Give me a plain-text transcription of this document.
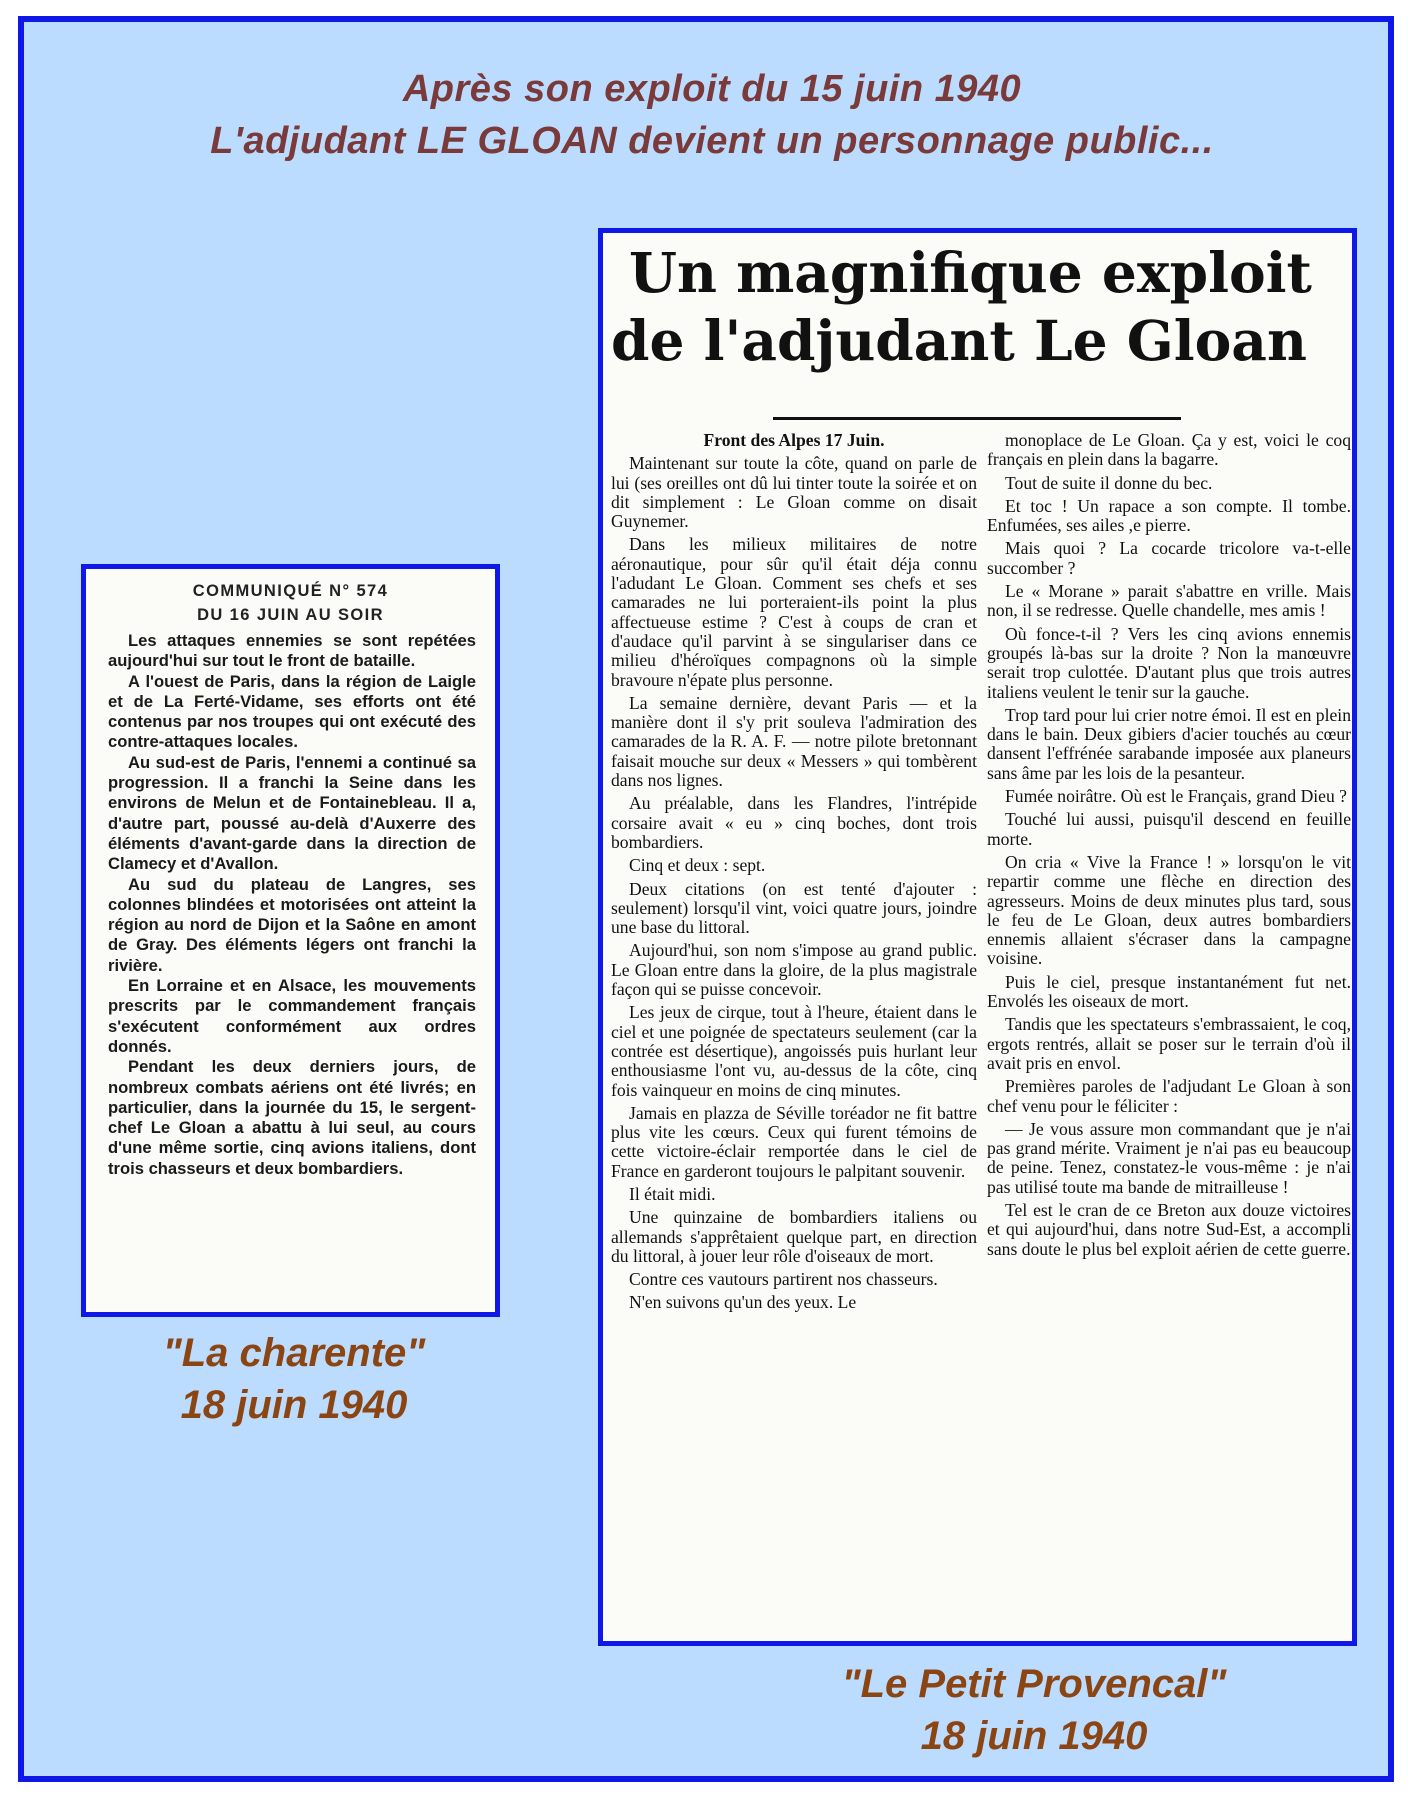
Après son exploit du 15 juin 1940
L'adjudant LE GLOAN devient un personnage public...
COMMUNIQUÉ N° 574
DU 16 JUIN AU SOIR

Les attaques ennemies se sont repétées aujourd'hui sur tout le front de bataille.

A l'ouest de Paris, dans la région de Laigle et de La Ferté-Vidame, ses efforts ont été contenus par nos troupes qui ont exécuté des contre-attaques locales.

Au sud-est de Paris, l'ennemi a continué sa progression. Il a franchi la Seine dans les environs de Melun et de Fontainebleau. Il a, d'autre part, poussé au-delà d'Auxerre des éléments d'avant-garde dans la direction de Clamecy et d'Avallon.

Au sud du plateau de Langres, ses colonnes blindées et motorisées ont atteint la région au nord de Dijon et la Saône en amont de Gray. Des éléments légers ont franchi la rivière.

En Lorraine et en Alsace, les mouvements prescrits par le commandement français s'exécutent conformément aux ordres donnés.

Pendant les deux derniers jours, de nombreux combats aériens ont été livrés; en particulier, dans la journée du 15, le sergent-chef Le Gloan a abattu à lui seul, au cours d'une même sortie, cinq avions italiens, dont trois chasseurs et deux bombardiers.

"La charente"
18 juin 1940
Un magnifique exploit
de l'adjudant Le Gloan

Front des Alpes 17 Juin.

Maintenant sur toute la côte, quand on parle de lui (ses oreilles ont dû lui tinter toute la soirée et on dit simplement : Le Gloan comme on disait Guynemer.

Dans les milieux militaires de notre aéronautique, pour sûr qu'il était déja connu l'adudant Le Gloan. Comment ses chefs et ses camarades ne lui porteraient-ils point la plus affectueuse estime ? C'est à coups de cran et d'audace qu'il parvint à se singulariser dans ce milieu d'héroïques compagnons où la simple bravoure n'épate plus personne.

La semaine dernière, devant Paris — et la manière dont il s'y prit souleva l'admiration des camarades de la R. A. F. — notre pilote bretonnant faisait mouche sur deux « Messers » qui tombèrent dans nos lignes.

Au préalable, dans les Flandres, l'intrépide corsaire avait « eu » cinq boches, dont trois bombardiers.

Cinq et deux : sept.

Deux citations (on est tenté d'ajouter : seulement) lorsqu'il vint, voici quatre jours, joindre une base du littoral.

Aujourd'hui, son nom s'impose au grand public. Le Gloan entre dans la gloire, de la plus magistrale façon qui se puisse concevoir.

Les jeux de cirque, tout à l'heure, étaient dans le ciel et une poignée de spectateurs seulement (car la contrée est désertique), angoissés puis hurlant leur enthousiasme l'ont vu, au-dessus de la côte, cinq fois vainqueur en moins de cinq minutes.

Jamais en plazza de Séville toréador ne fit battre plus vite les cœurs. Ceux qui furent témoins de cette victoire-éclair remportée dans le ciel de France en garderont toujours le palpitant souvenir.

Il était midi.

Une quinzaine de bombardiers italiens ou allemands s'apprêtaient quelque part, en direction du littoral, à jouer leur rôle d'oiseaux de mort.

Contre ces vautours partirent nos chasseurs.

N'en suivons qu'un des yeux. Le

monoplace de Le Gloan. Ça y est, voici le coq français en plein dans la bagarre.

Tout de suite il donne du bec.

Et toc ! Un rapace a son compte. Il tombe. Enfumées, ses ailes ,e pierre.

Mais quoi ? La cocarde tricolore va-t-elle succomber ?

Le « Morane » parait s'abattre en vrille. Mais non, il se redresse. Quelle chandelle, mes amis !

Où fonce-t-il ? Vers les cinq avions ennemis groupés là-bas sur la droite ? Non la manœuvre serait trop culottée. D'autant plus que trois autres italiens veulent le tenir sur la gauche.

Trop tard pour lui crier notre émoi. Il est en plein dans le bain. Deux gibiers d'acier touchés au cœur dansent l'effrénée sarabande imposée aux planeurs sans âme par les lois de la pesanteur.

Fumée noirâtre. Où est le Français, grand Dieu ?

Touché lui aussi, puisqu'il descend en feuille morte.

On cria « Vive la France ! » lorsqu'on le vit repartir comme une flèche en direction des agresseurs. Moins de deux minutes plus tard, sous le feu de Le Gloan, deux autres bombardiers ennemis allaient s'écraser dans la campagne voisine.

Puis le ciel, presque instantanément fut net. Envolés les oiseaux de mort.

Tandis que les spectateurs s'embrassaient, le coq, ergots rentrés, allait se poser sur le terrain d'où il avait pris en envol.

Premières paroles de l'adjudant Le Gloan à son chef venu pour le féliciter :

— Je vous assure mon commandant que je n'ai pas grand mérite. Vraiment je n'ai pas eu beaucoup de peine. Tenez, constatez-le vous-même : je n'ai pas utilisé toute ma bande de mitrailleuse !

Tel est le cran de ce Breton aux douze victoires et qui aujourd'hui, dans notre Sud-Est, a accompli sans doute le plus bel exploit aérien de cette guerre.

"Le Petit Provencal"
18 juin 1940
